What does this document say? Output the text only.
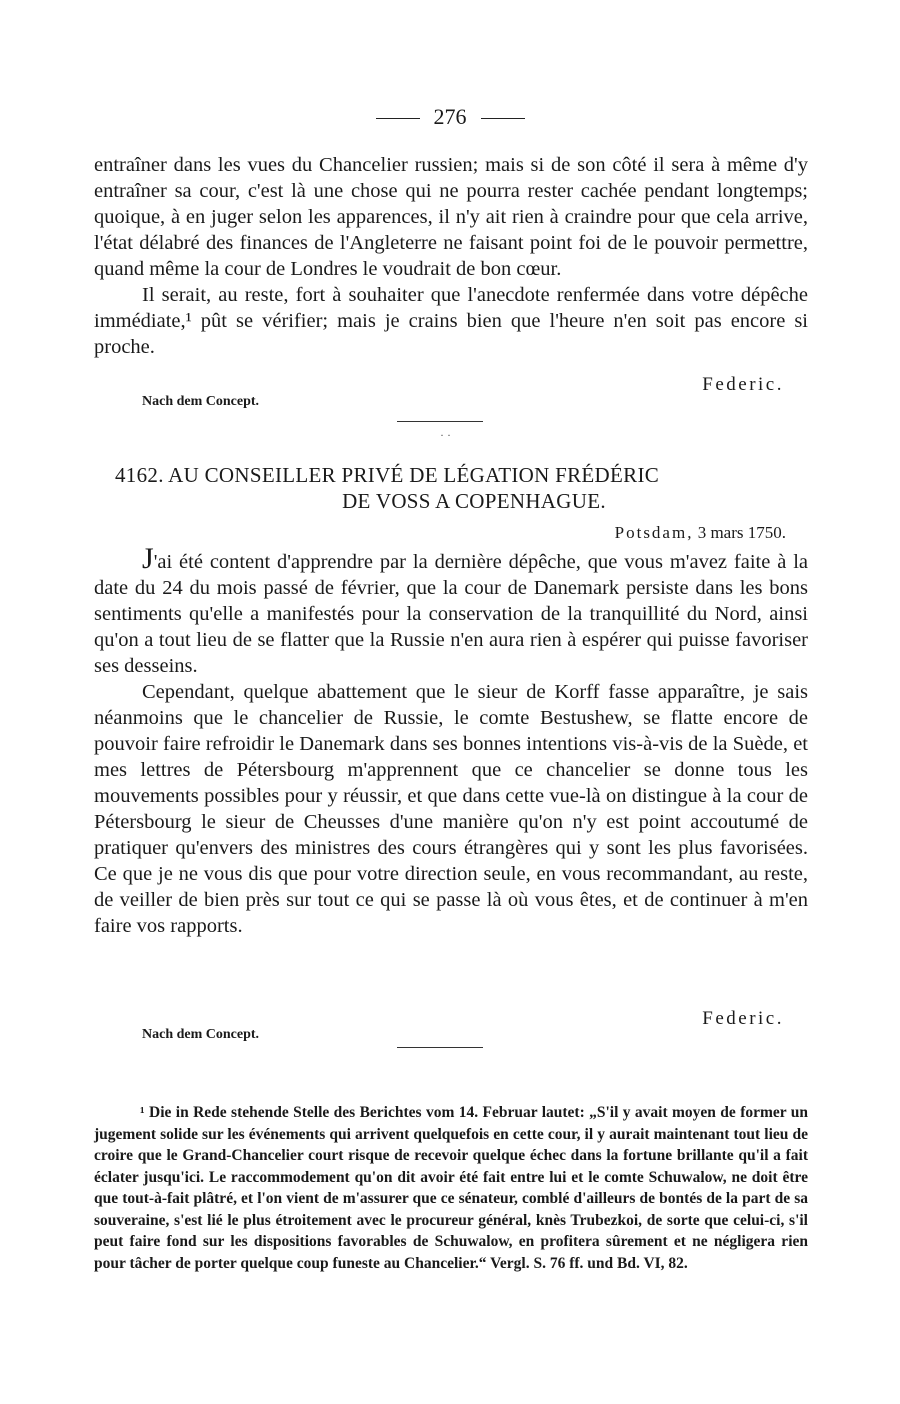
276

entraîner dans les vues du Chancelier russien; mais si de son côté il sera à même d'y entraîner sa cour, c'est là une chose qui ne pourra rester cachée pendant longtemps; quoique, à en juger selon les apparences, il n'y ait rien à craindre pour que cela arrive, l'état délabré des finances de l'Angleterre ne faisant point foi de le pouvoir permettre, quand même la cour de Londres le voudrait de bon cœur.

Il serait, au reste, fort à souhaiter que l'anecdote renfermée dans votre dépêche immédiate,¹ pût se vérifier; mais je crains bien que l'heure n'en soit pas encore si proche.

Federic.
Nach dem Concept.
· ·
4162. AU CONSEILLER PRIVÉ DE LÉGATION FRÉDÉRIC
DE VOSS A COPENHAGUE.
Potsdam, 3 mars 1750.

J'ai été content d'apprendre par la dernière dépêche, que vous m'avez faite à la date du 24 du mois passé de février, que la cour de Danemark persiste dans les bons sentiments qu'elle a manifestés pour la conservation de la tranquillité du Nord, ainsi qu'on a tout lieu de se flatter que la Russie n'en aura rien à espérer qui puisse favoriser ses desseins.

Cependant, quelque abattement que le sieur de Korff fasse apparaître, je sais néanmoins que le chancelier de Russie, le comte Bestushew, se flatte encore de pouvoir faire refroidir le Danemark dans ses bonnes intentions vis-à-vis de la Suède, et mes lettres de Pétersbourg m'apprennent que ce chancelier se donne tous les mouvements possibles pour y réussir, et que dans cette vue-là on distingue à la cour de Pétersbourg le sieur de Cheusses d'une manière qu'on n'y est point accoutumé de pratiquer qu'envers des ministres des cours étrangères qui y sont les plus favorisées. Ce que je ne vous dis que pour votre direction seule, en vous recommandant, au reste, de veiller de bien près sur tout ce qui se passe là où vous êtes, et de continuer à m'en faire vos rapports.

Federic.
Nach dem Concept.

¹ Die in Rede stehende Stelle des Berichtes vom 14. Februar lautet: „S'il y avait moyen de former un jugement solide sur les événements qui arrivent quelquefois en cette cour, il y aurait maintenant tout lieu de croire que le Grand-Chancelier court risque de recevoir quelque échec dans la fortune brillante qu'il a fait éclater jusqu'ici. Le raccommodement qu'on dit avoir été fait entre lui et le comte Schuwalow, ne doit être que tout-à-fait plâtré, et l'on vient de m'assurer que ce sénateur, comblé d'ailleurs de bontés de la part de sa souveraine, s'est lié le plus étroitement avec le procureur général, knès Trubezkoi, de sorte que celui-ci, s'il peut faire fond sur les dispositions favorables de Schuwalow, en profitera sûrement et ne négligera rien pour tâcher de porter quelque coup funeste au Chancelier.“ Vergl. S. 76 ff. und Bd. VI, 82.
